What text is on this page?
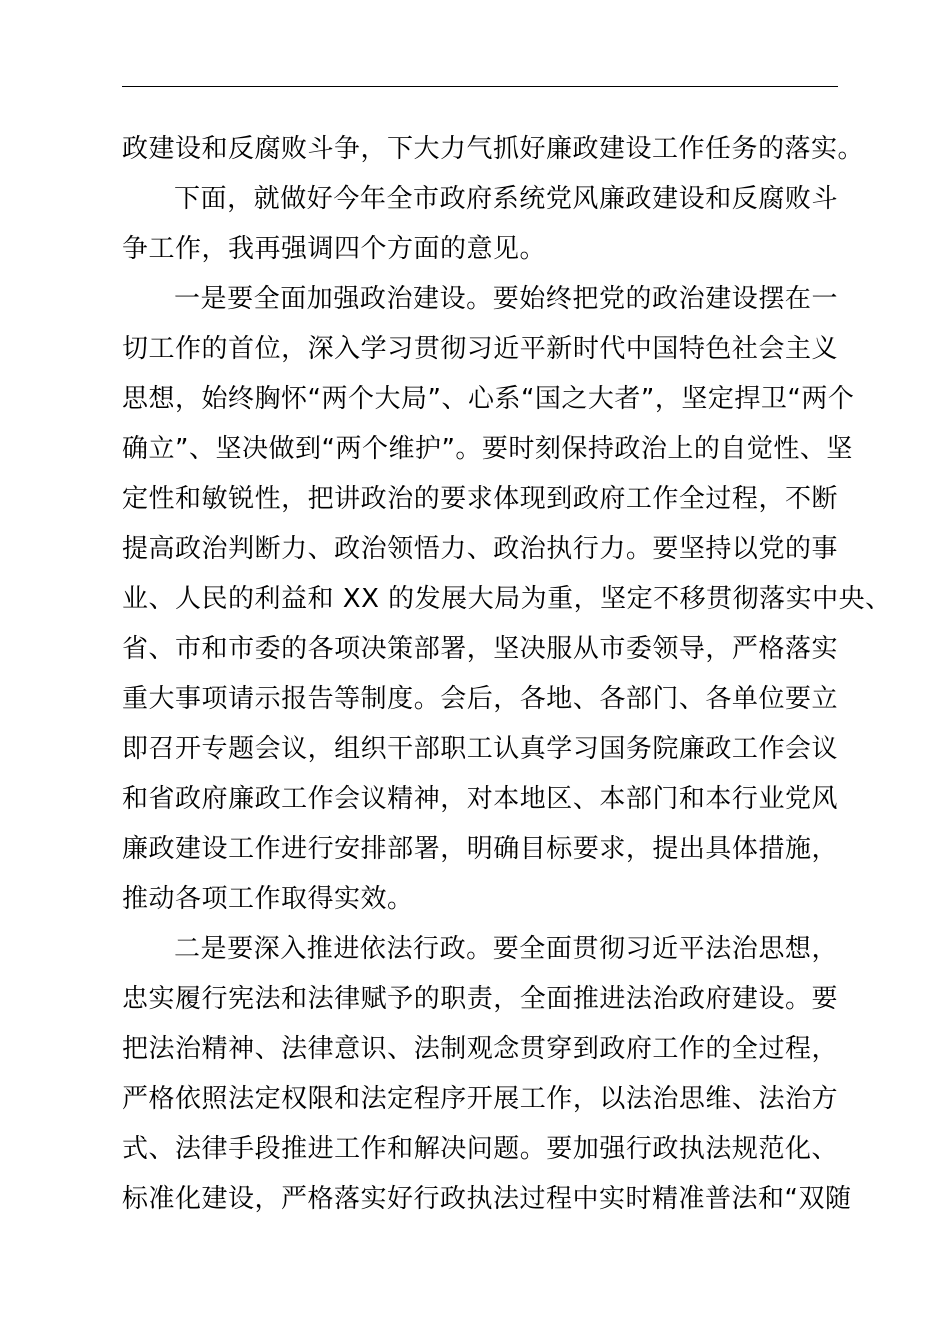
政建设和反腐败斗争，下大力气抓好廉政建设工作任务的落实。
下面，就做好今年全市政府系统党风廉政建设和反腐败斗
争工作，我再强调四个方面的意见。
一是要全面加强政治建设。要始终把党的政治建设摆在一
切工作的首位，深入学习贯彻习近平新时代中国特色社会主义
思想，始终胸怀“两个大局”、心系“国之大者”，坚定捍卫“两个
确立”、坚决做到“两个维护”。要时刻保持政治上的自觉性、坚
定性和敏锐性，把讲政治的要求体现到政府工作全过程，不断
提高政治判断力、政治领悟力、政治执行力。要坚持以党的事
业、人民的利益和 XX 的发展大局为重，坚定不移贯彻落实中央、
省、市和市委的各项决策部署，坚决服从市委领导，严格落实
重大事项请示报告等制度。会后，各地、各部门、各单位要立
即召开专题会议，组织干部职工认真学习国务院廉政工作会议
和省政府廉政工作会议精神，对本地区、本部门和本行业党风
廉政建设工作进行安排部署，明确目标要求，提出具体措施，
推动各项工作取得实效。
二是要深入推进依法行政。要全面贯彻习近平法治思想，
忠实履行宪法和法律赋予的职责，全面推进法治政府建设。要
把法治精神、法律意识、法制观念贯穿到政府工作的全过程，
严格依照法定权限和法定程序开展工作，以法治思维、法治方
式、法律手段推进工作和解决问题。要加强行政执法规范化、
标准化建设，严格落实好行政执法过程中实时精准普法和“双随
